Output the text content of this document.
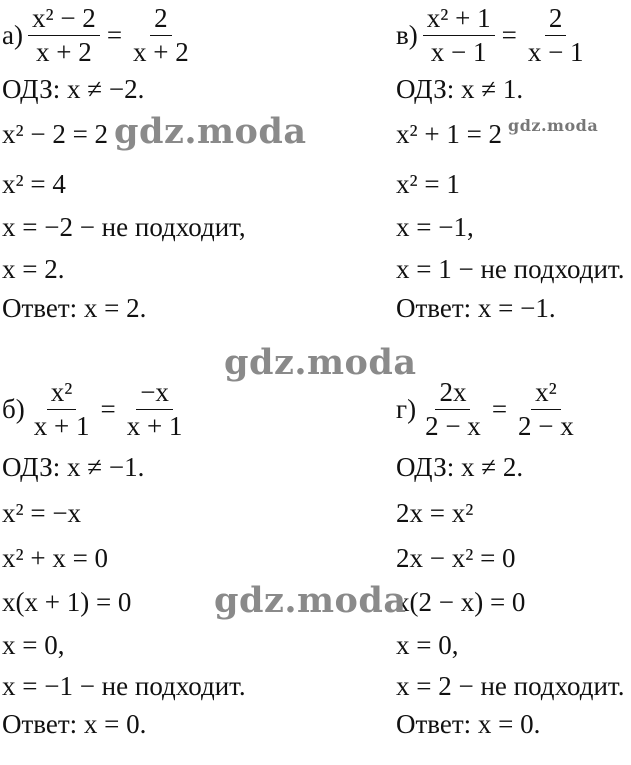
$а) \frac{\text{x² − 2}}{x + 2} = \frac{2}{x + 2}$
ОДЗ: x ≠ −2.
x² − 2 = 2
x² = 4
x = −2 − не подходит,
x = 2.
Ответ: x = 2.
$в) \frac{\text{x² + 1}}{x - 1} = \frac{2}{x - 1}$
ОДЗ: x ≠ 1.
x² + 1 = 2
x² = 1
x = −1,
x = 1 − не подходит.
Ответ: x = −1.
$б) \frac{\text{x²}}{x + 1} = \frac{-x}{x + 1}$
ОДЗ: x ≠ −1.
x² = −x
x² + x = 0
x(x + 1) = 0
x = 0,
x = −1 − не подходит.
Ответ: x = 0.
$г) \frac{2x}{2 - x} = \frac{\text{x²}}{2 - x}$
ОДЗ: x ≠ 2.
2x = x²
2x − x² = 0
x(2 − x) = 0
x = 0,
x = 2 − не подходит.
Ответ: x = 0.
gdz.moda	gdz.moda
gdz.moda
gdz.moda
